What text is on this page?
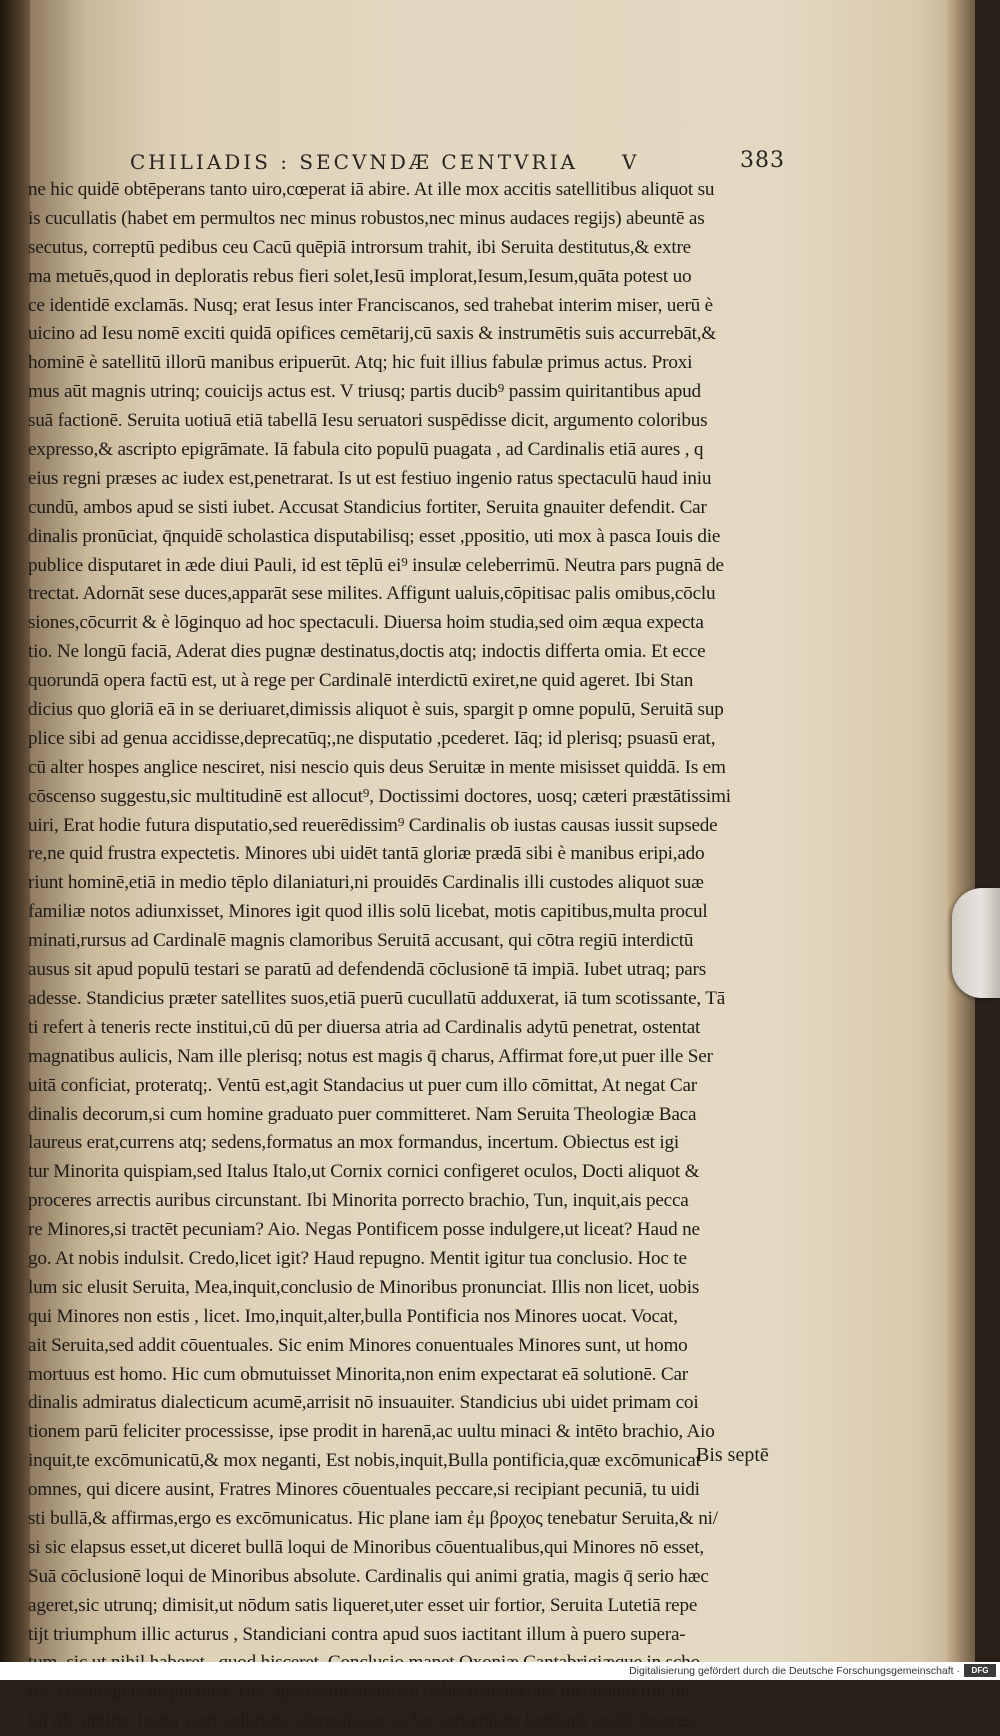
CHILIADIS : SECVNDÆ CENTVRIA V	383
ne hic quidē obtēperans tanto uiro,cœperat iā abire. At ille mox accitis satellitibus aliquot su
is cucullatis (habet em permultos nec minus robustos,nec minus audaces regijs) abeuntē as
secutus, correptū pedibus ceu Cacū quēpiā introrsum trahit, ibi Seruita destitutus,& extre
ma metuēs,quod in deploratis rebus fieri solet,Iesū implorat,Iesum,Iesum,quāta potest uo
ce identidē exclamās. Nusq; erat Iesus inter Franciscanos, sed trahebat interim miser, uerū è
uicino ad Iesu nomē exciti quidā opifices cemētarij,cū saxis & instrumētis suis accurrebāt,&
hominē è satellitū illorū manibus eripuerūt. Atq; hic fuit illius fabulæ primus actus. Proxi
mus aūt magnis utrinq; couicijs actus est. V triusq; partis ducib⁹ passim quiritantibus apud
suā factionē. Seruita uotiuā etiā tabellā Iesu seruatori suspēdisse dicit, argumento coloribus
expresso,& ascripto epigrāmate. Iā fabula cito populū puagata , ad Cardinalis etiā aures , q
eius regni præses ac iudex est,penetrarat. Is ut est festiuo ingenio ratus spectaculū haud iniu
cundū, ambos apud se sisti iubet. Accusat Standicius fortiter, Seruita gnauiter defendit. Car
dinalis pronūciat, q̄nquidē scholastica disputabilisq; esset ,ppositio, uti mox à pasca Iouis die
publice disputaret in æde diui Pauli, id est tēplū ei⁹ insulæ celeberrimū. Neutra pars pugnā de
trectat. Adornāt sese duces,apparāt sese milites. Affigunt ualuis,cōpitisac palis omibus,cōclu
siones,cōcurrit & è lōginquo ad hoc spectaculi. Diuersa hoim studia,sed oim æqua expecta
tio. Ne longū faciā, Aderat dies pugnæ destinatus,doctis atq; indoctis differta omia. Et ecce
quorundā opera factū est, ut à rege per Cardinalē interdictū exiret,ne quid ageret. Ibi Stan
dicius quo gloriā eā in se deriuaret,dimissis aliquot è suis, spargit p omne populū, Seruitā sup
plice sibi ad genua accidisse,deprecatūq;,ne disputatio ,pcederet. Iāq; id plerisq; psuasū erat,
cū alter hospes anglice nesciret, nisi nescio quis deus Seruitæ in mente misisset quiddā. Is em
cōscenso suggestu,sic multitudinē est allocut⁹, Doctissimi doctores, uosq; cæteri præstātissimi
uiri, Erat hodie futura disputatio,sed reuerēdissim⁹ Cardinalis ob iustas causas iussit supsede
re,ne quid frustra expectetis. Minores ubi uidēt tantā gloriæ prædā sibi è manibus eripi,ado
riunt hominē,etiā in medio tēplo dilaniaturi,ni prouidēs Cardinalis illi custodes aliquot suæ
familiæ notos adiunxisset, Minores igit quod illis solū licebat, motis capitibus,multa procul
minati,rursus ad Cardinalē magnis clamoribus Seruitā accusant, qui cōtra regiū interdictū
ausus sit apud populū testari se paratū ad defendendā cōclusionē tā impiā. Iubet utraq; pars
adesse. Standicius præter satellites suos,etiā puerū cucullatū adduxerat, iā tum scotissante, Tā
ti refert à teneris recte institui,cū dū per diuersa atria ad Cardinalis adytū penetrat, ostentat
magnatibus aulicis, Nam ille plerisq; notus est magis q̄ charus, Affirmat fore,ut puer ille Ser
uitā conficiat, proteratq;. Ventū est,agit Standacius ut puer cum illo cōmittat, At negat Car
dinalis decorum,si cum homine graduato puer committeret. Nam Seruita Theologiæ Baca
laureus erat,currens atq; sedens,formatus an mox formandus, incertum. Obiectus est igi
tur Minorita quispiam,sed Italus Italo,ut Cornix cornici configeret oculos, Docti aliquot &
proceres arrectis auribus circunstant. Ibi Minorita porrecto brachio, Tun, inquit,ais pecca
re Minores,si tractēt pecuniam? Aio. Negas Pontificem posse indulgere,ut liceat? Haud ne
go. At nobis indulsit. Credo,licet igit? Haud repugno. Mentit igitur tua conclusio. Hoc te
lum sic elusit Seruita, Mea,inquit,conclusio de Minoribus pronunciat. Illis non licet, uobis
qui Minores non estis , licet. Imo,inquit,alter,bulla Pontificia nos Minores uocat. Vocat,
ait Seruita,sed addit cōuentuales. Sic enim Minores conuentuales Minores sunt, ut homo
mortuus est homo. Hic cum obmutuisset Minorita,non enim expectarat eā solutionē. Car
dinalis admiratus dialecticum acumē,arrisit nō insuauiter. Standicius ubi uidet primam coi
tionem parū feliciter processisse, ipse prodit in harenā,ac uultu minaci & intēto brachio, Aio
inquit,te excōmunicatū,& mox neganti, Est nobis,inquit,Bulla pontificia,quæ excōmunicat
omnes, qui dicere ausint, Fratres Minores cōuentuales peccare,si recipiant pecuniā, tu uidi
sti bullā,& affirmas,ergo es excōmunicatus. Hic plane iam ἐμ βροχος tenebatur Seruita,& ni/
si sic elapsus esset,ut diceret bullā loqui de Minoribus cōuentualibus,qui Minores nō esset,
Suā cōclusionē loqui de Minoribus absolute. Cardinalis qui animi gratia, magis q̄ serio hæc
ageret,sic utrunq; dimisit,ut nōdum satis liqueret,uter esset uir fortior, Seruita Lutetiā repe
tijt triumphum illic acturus , Standiciani contra apud suos iactitant illum à puero supera-
lis. Theologicis disputanda. Hoc spectaculi quoniam nobis uehementer iucundum fuit,uo
lui tibi optime lector eam uoluptate cōmunicare, ut hac amœnitate lectionis tædiū leuares.
Bis septē
Digitalisierung gefördert durch die Deutsche Forschungsgemeinschaft ·	DFG
